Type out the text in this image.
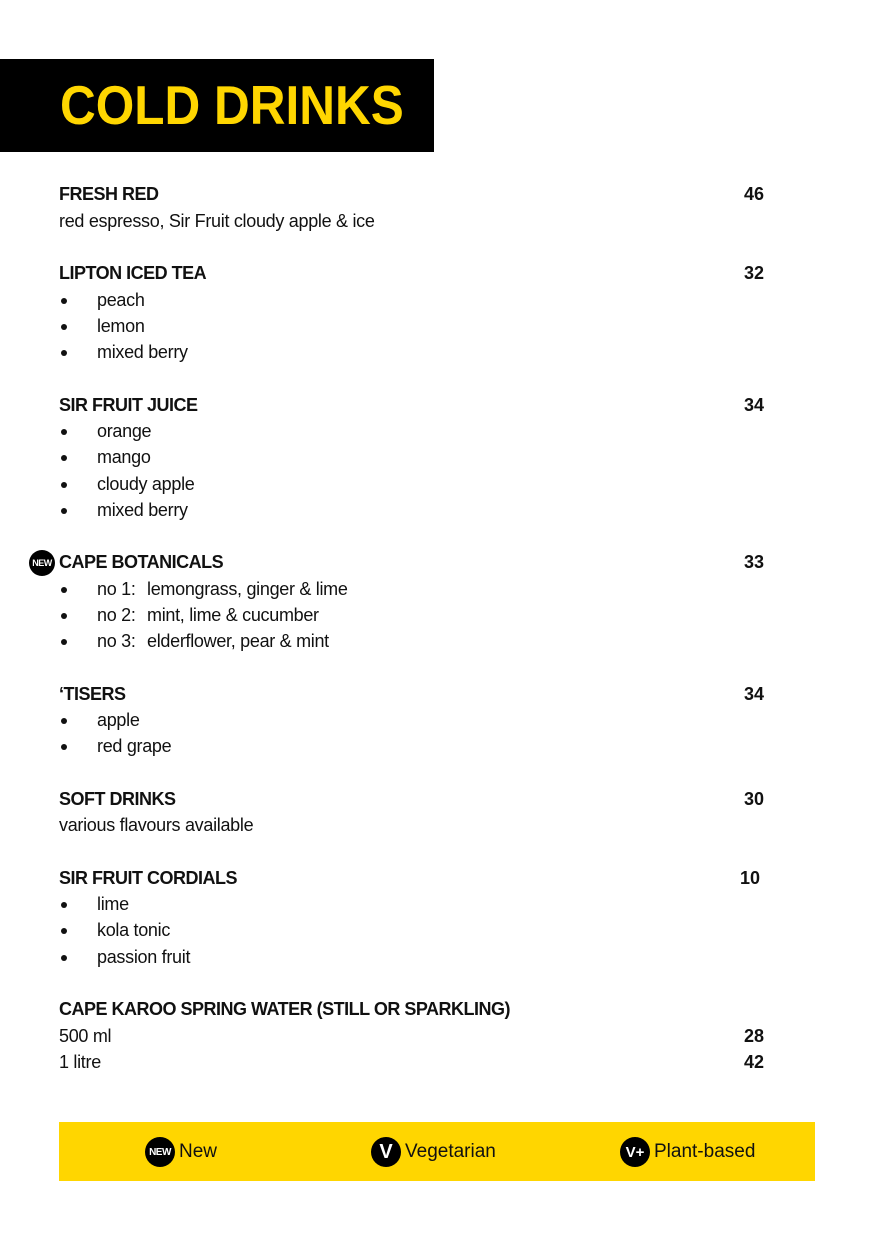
COLD DRINKS
FRESH RED	46
red espresso, Sir Fruit cloudy apple & ice
LIPTON ICED TEA	32
peach
lemon
mixed berry
SIR FRUIT JUICE	34
orange
mango
cloudy apple
mixed berry
NEW CAPE BOTANICALS	33
no 1: lemongrass, ginger & lime
no 2: mint, lime & cucumber
no 3: elderflower, pear & mint
‘TISERS	34
apple
red grape
SOFT DRINKS	30
various flavours available
SIR FRUIT CORDIALS	10
lime
kola tonic
passion fruit
CAPE KAROO SPRING WATER (STILL OR SPARKLING)
500 ml	28
1 litre	42
NEW New	V Vegetarian	V+ Plant-based
